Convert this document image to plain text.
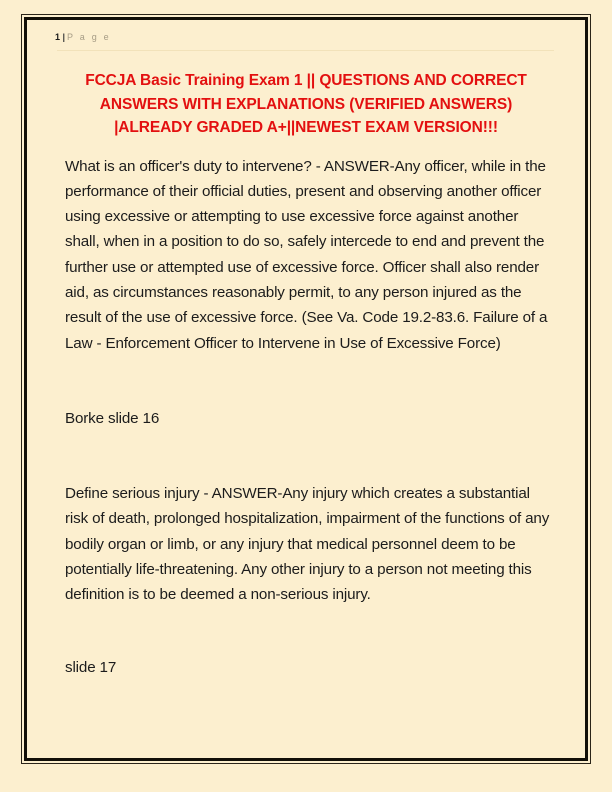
1 | P a g e
FCCJA Basic Training Exam 1 || QUESTIONS AND CORRECT ANSWERS WITH EXPLANATIONS (VERIFIED ANSWERS) |ALREADY GRADED A+||NEWEST EXAM VERSION!!!

What is an officer's duty to intervene? - ANSWER-Any officer, while in the performance of their official duties, present and observing another officer using excessive or attempting to use excessive force against another shall, when in a position to do so, safely intercede to end and prevent the further use or attempted use of excessive force. Officer shall also render aid, as circumstances reasonably permit, to any person injured as the result of the use of excessive force. (See Va. Code 19.2-83.6. Failure of a Law - Enforcement Officer to Intervene in Use of Excessive Force)

Borke slide 16

Define serious injury - ANSWER-Any injury which creates a substantial risk of death, prolonged hospitalization, impairment of the functions of any bodily organ or limb, or any injury that medical personnel deem to be potentially life-threatening. Any other injury to a person not meeting this definition is to be deemed a non-serious injury.

slide 17
